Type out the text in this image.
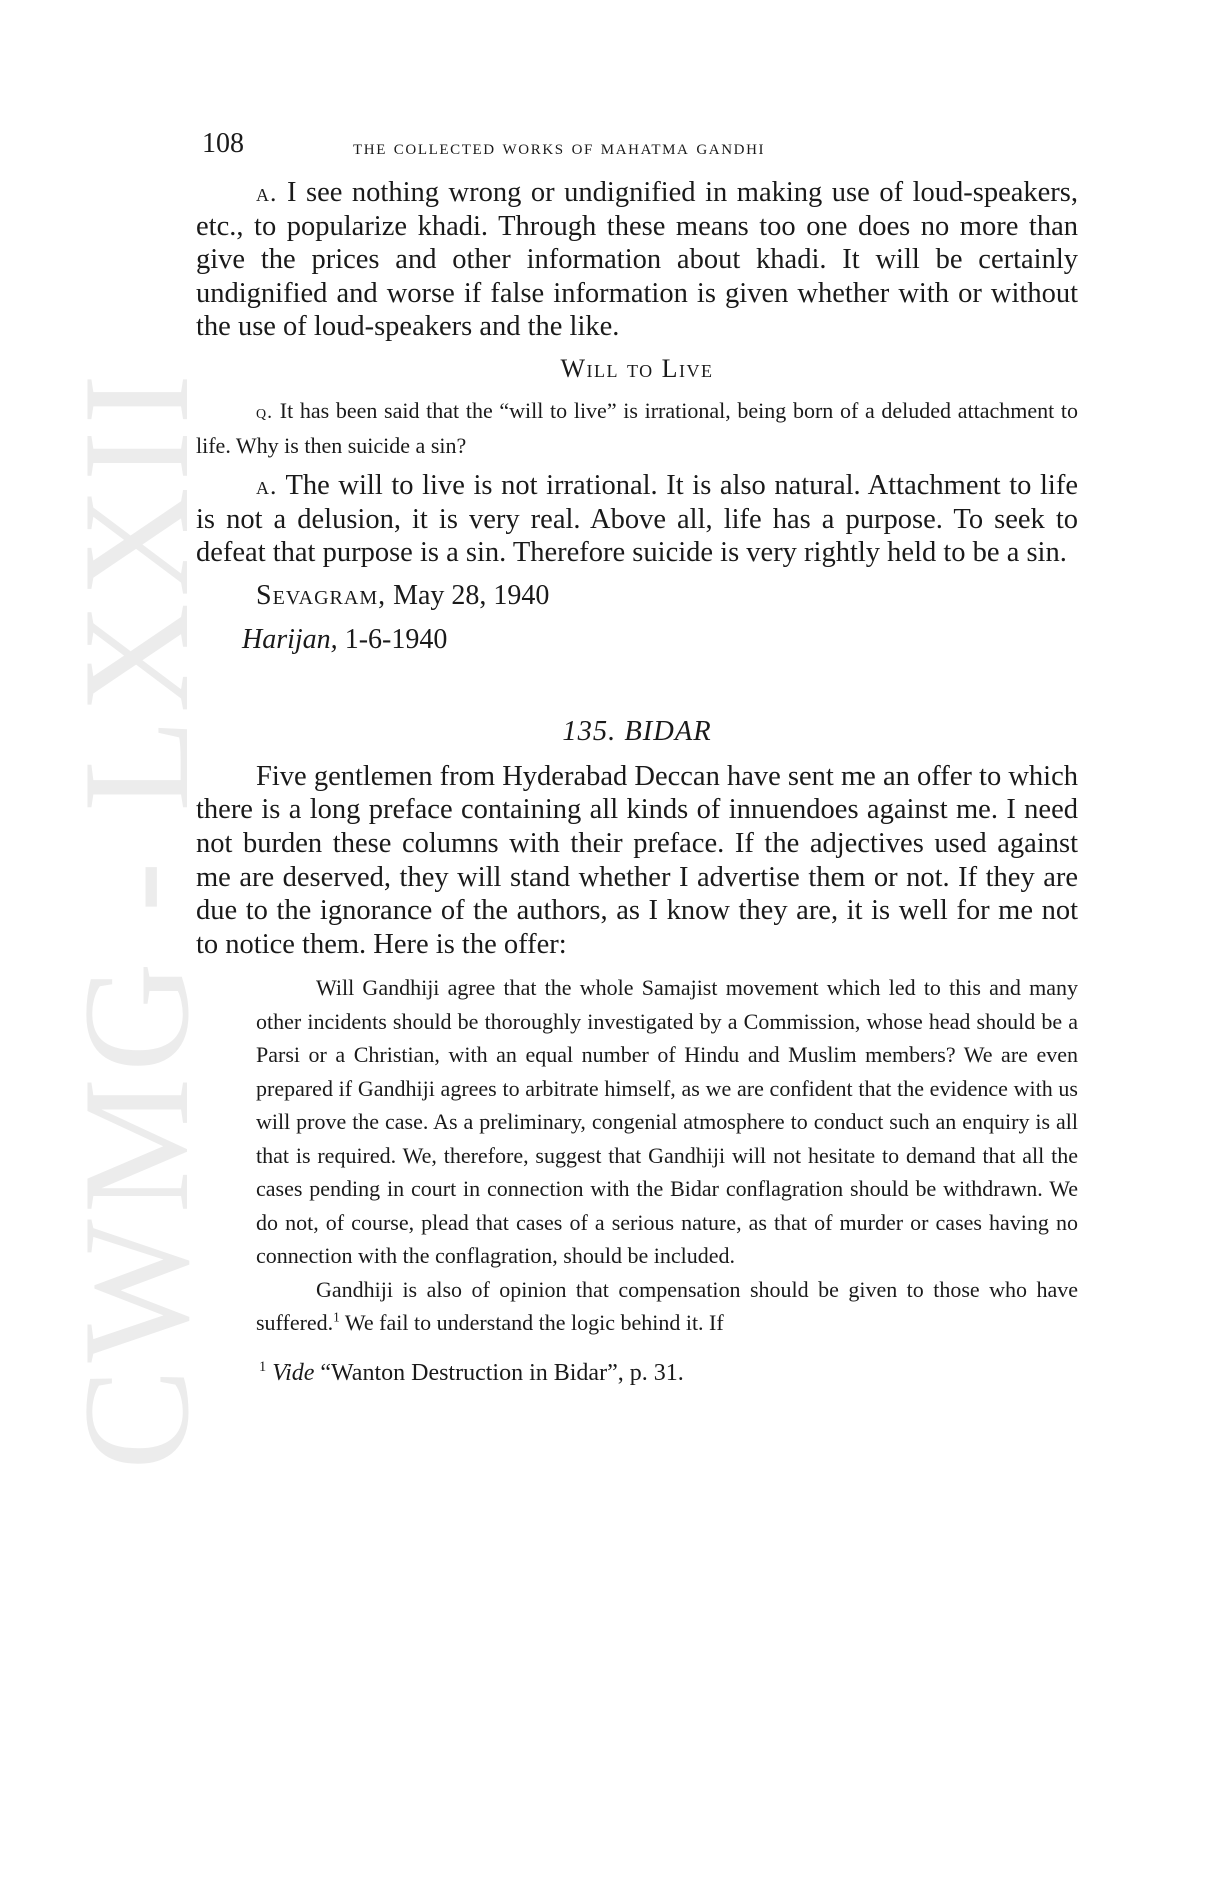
CWMG - LXXII
108	the collected works of mahatma gandhi

a. I see nothing wrong or undignified in making use of loud-speakers, etc., to popularize khadi. Through these means too one does no more than give the prices and other information about khadi. It will be certainly undignified and worse if false information is given whether with or without the use of loud-speakers and the like.

Will to Live

q. It has been said that the “will to live” is irrational, being born of a deluded attachment to life. Why is then suicide a sin?

a. The will to live is not irrational. It is also natural. Attachment to life is not a delusion, it is very real. Above all, life has a purpose. To seek to defeat that purpose is a sin. Therefore suicide is very rightly held to be a sin.

Sevagram, May 28, 1940
Harijan, 1-6-1940
135. BIDAR

Five gentlemen from Hyderabad Deccan have sent me an offer to which there is a long preface containing all kinds of innuendoes against me. I need not burden these columns with their preface. If the adjectives used against me are deserved, they will stand whether I advertise them or not. If they are due to the ignorance of the authors, as I know they are, it is well for me not to notice them. Here is the offer:

Will Gandhiji agree that the whole Samajist movement which led to this and many other incidents should be thoroughly investigated by a Commission, whose head should be a Parsi or a Christian, with an equal number of Hindu and Muslim members? We are even prepared if Gandhiji agrees to arbitrate himself, as we are confident that the evidence with us will prove the case. As a preliminary, congenial atmosphere to conduct such an enquiry is all that is required. We, therefore, suggest that Gandhiji will not hesitate to demand that all the cases pending in court in connection with the Bidar conflagration should be withdrawn. We do not, of course, plead that cases of a serious nature, as that of murder or cases having no connection with the conflagration, should be included.

Gandhiji is also of opinion that compensation should be given to those who have suffered.$^1$ We fail to understand the logic behind it. If

$^1$ Vide “Wanton Destruction in Bidar”, p. 31.
